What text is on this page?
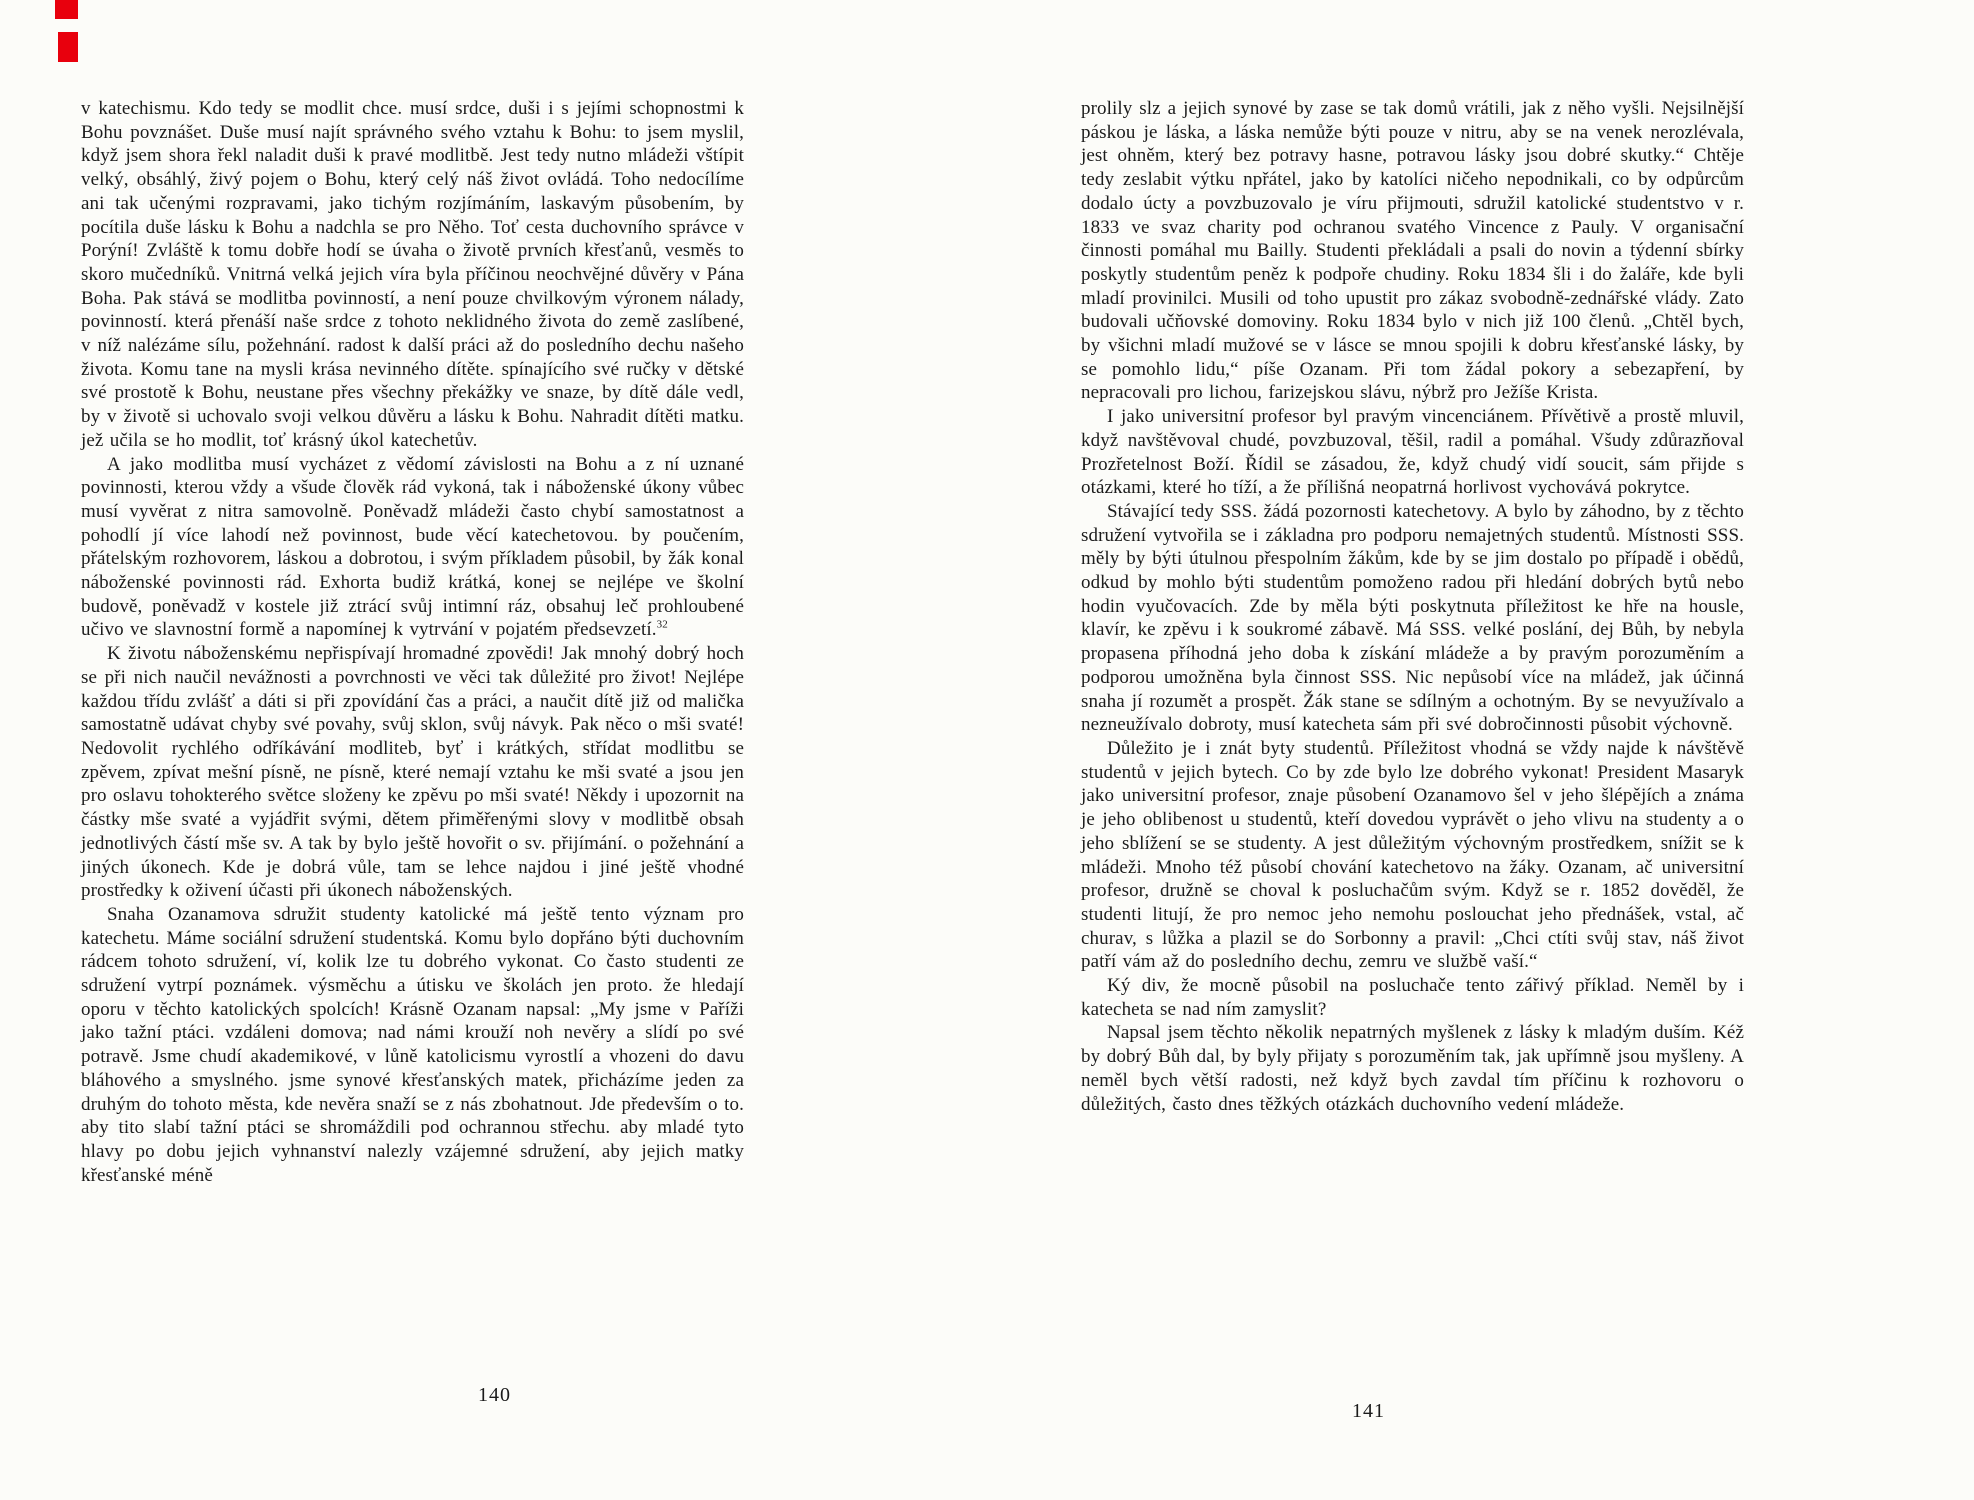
v katechismu. Kdo tedy se modlit chce. musí srdce, duši i s jejími schopnostmi k Bohu povznášet. Duše musí najít správného svého vztahu k Bohu: to jsem myslil, když jsem shora řekl naladit duši k pravé modlitbě. Jest tedy nutno mládeži vštípit velký, obsáhlý, živý pojem o Bohu, který celý náš život ovládá. Toho nedocílíme ani tak učenými rozpravami, jako tichým rozjímáním, laskavým působením, by pocítila duše lásku k Bohu a nadchla se pro Něho. Toť cesta duchovního správce v Porýní! Zvláště k tomu dobře hodí se úvaha o životě prvních křesťanů, vesměs to skoro mučedníků. Vnitrná velká jejich víra byla příčinou neochvějné důvěry v Pána Boha. Pak stává se modlitba povinností, a není pouze chvilkovým výronem nálady, povinností. která přenáší naše srdce z tohoto neklidného života do země zaslíbené, v níž nalézáme sílu, požehnání. radost k další práci až do posledního dechu našeho života. Komu tane na mysli krása nevinného dítěte. spínajícího své ručky v dětské své prostotě k Bohu, neustane přes všechny překážky ve snaze, by dítě dále vedl, by v životě si uchovalo svoji velkou důvěru a lásku k Bohu. Nahradit dítěti matku. jež učila se ho modlit, toť krásný úkol katechetův.

A jako modlitba musí vycházet z vědomí závislosti na Bohu a z ní uznané povinnosti, kterou vždy a všude člověk rád vykoná, tak i náboženské úkony vůbec musí vyvěrat z nitra samovolně. Poněvadž mládeži často chybí samostatnost a pohodlí jí více lahodí než povinnost, bude věcí katechetovou. by poučením, přátelským rozhovorem, láskou a dobrotou, i svým příkladem působil, by žák konal náboženské povinnosti rád. Exhorta budiž krátká, konej se nejlépe ve školní budově, poněvadž v kostele již ztrácí svůj intimní ráz, obsahuj leč prohloubené učivo ve slavnostní formě a napomínej k vytrvání v pojatém předsevzetí.$^{32}$

K životu náboženskému nepřispívají hromadné zpovědi! Jak mnohý dobrý hoch se při nich naučil nevážnosti a povrchnosti ve věci tak důležité pro život! Nejlépe každou třídu zvlášť a dáti si při zpovídání čas a práci, a naučit dítě již od malička samostatně udávat chyby své povahy, svůj sklon, svůj návyk. Pak něco o mši svaté! Nedovolit rychlého odříkávání modliteb, byť i krátkých, střídat modlitbu se zpěvem, zpívat mešní písně, ne písně, které nemají vztahu ke mši svaté a jsou jen pro oslavu tohokterého světce složeny ke zpěvu po mši svaté! Někdy i upozornit na částky mše svaté a vyjádřit svými, dětem přiměřenými slovy v modlitbě obsah jednotlivých částí mše sv. A tak by bylo ještě hovořit o sv. přijímání. o požehnání a jiných úkonech. Kde je dobrá vůle, tam se lehce najdou i jiné ještě vhodné prostředky k oživení účasti při úkonech náboženských.

Snaha Ozanamova sdružit studenty katolické má ještě tento význam pro katechetu. Máme sociální sdružení studentská. Komu bylo dopřáno býti duchovním rádcem tohoto sdružení, ví, kolik lze tu dobrého vykonat. Co často studenti ze sdružení vytrpí poznámek. výsměchu a útisku ve školách jen proto. že hledají oporu v těchto katolických spolcích! Krásně Ozanam napsal: „My jsme v Paříži jako tažní ptáci. vzdáleni domova; nad námi krouží noh nevěry a slídí po své potravě. Jsme chudí akademikové, v lůně katolicismu vyrostlí a vhozeni do davu bláhového a smyslného. jsme synové křesťanských matek, přicházíme jeden za druhým do tohoto města, kde nevěra snaží se z nás zbohatnout. Jde především o to. aby tito slabí tažní ptáci se shromáždili pod ochrannou střechu. aby mladé tyto hlavy po dobu jejich vyhnanství nalezly vzájemné sdružení, aby jejich matky křesťanské méně

140

prolily slz a jejich synové by zase se tak domů vrátili, jak z něho vyšli. Nejsilnější páskou je láska, a láska nemůže býti pouze v nitru, aby se na venek nerozlévala, jest ohněm, který bez potravy hasne, potravou lásky jsou dobré skutky.“ Chtěje tedy zeslabit výtku npřátel, jako by katolíci ničeho nepodnikali, co by odpůrcům dodalo úcty a povzbuzovalo je víru přijmouti, sdružil katolické studentstvo v r. 1833 ve svaz charity pod ochranou svatého Vincence z Pauly. V organisační činnosti pomáhal mu Bailly. Studenti překládali a psali do novin a týdenní sbírky poskytly studentům peněz k podpoře chudiny. Roku 1834 šli i do žaláře, kde byli mladí provinilci. Musili od toho upustit pro zákaz svobodně-zednářské vlády. Zato budovali učňovské domoviny. Roku 1834 bylo v nich již 100 členů. „Chtěl bych, by všichni mladí mužové se v lásce se mnou spojili k dobru křesťanské lásky, by se pomohlo lidu,“ píše Ozanam. Při tom žádal pokory a sebezapření, by nepracovali pro lichou, farizejskou slávu, nýbrž pro Ježíše Krista.

I jako universitní profesor byl pravým vincenciánem. Přívětivě a prostě mluvil, když navštěvoval chudé, povzbuzoval, těšil, radil a pomáhal. Všudy zdůrazňoval Prozřetelnost Boží. Řídil se zásadou, že, když chudý vidí soucit, sám přijde s otázkami, které ho tíží, a že přílišná neopatrná horlivost vychovává pokrytce.

Stávající tedy SSS. žádá pozornosti katechetovy. A bylo by záhodno, by z těchto sdružení vytvořila se i základna pro podporu nemajetných studentů. Místnosti SSS. měly by býti útulnou přespolním žákům, kde by se jim dostalo po případě i obědů, odkud by mohlo býti studentům pomoženo radou při hledání dobrých bytů nebo hodin vyučovacích. Zde by měla býti poskytnuta příležitost ke hře na housle, klavír, ke zpěvu i k soukromé zábavě. Má SSS. velké poslání, dej Bůh, by nebyla propasena příhodná jeho doba k získání mládeže a by pravým porozuměním a podporou umožněna byla činnost SSS. Nic nepůsobí více na mládež, jak účinná snaha jí rozumět a prospět. Žák stane se sdílným a ochotným. By se nevyužívalo a nezneužívalo dobroty, musí katecheta sám při své dobročinnosti působit výchovně.

Důležito je i znát byty studentů. Příležitost vhodná se vždy najde k návštěvě studentů v jejich bytech. Co by zde bylo lze dobrého vykonat! President Masaryk jako universitní profesor, znaje působení Ozanamovo šel v jeho šlépějích a známa je jeho oblibenost u studentů, kteří dovedou vyprávět o jeho vlivu na studenty a o jeho sblížení se se studenty. A jest důležitým výchovným prostředkem, snížit se k mládeži. Mnoho též působí chování katechetovo na žáky. Ozanam, ač universitní profesor, družně se choval k posluchačům svým. Když se r. 1852 dověděl, že studenti litují, že pro nemoc jeho nemohu poslouchat jeho přednášek, vstal, ač churav, s lůžka a plazil se do Sorbonny a pravil: „Chci ctíti svůj stav, náš život patří vám až do posledního dechu, zemru ve službě vaší.“

Ký div, že mocně působil na posluchače tento zářivý příklad. Neměl by i katecheta se nad ním zamyslit?

Napsal jsem těchto několik nepatrných myšlenek z lásky k mladým duším. Kéž by dobrý Bůh dal, by byly přijaty s porozuměním tak, jak upřímně jsou myšleny. A neměl bych větší radosti, než když bych zavdal tím příčinu k rozhovoru o důležitých, často dnes těžkých otázkách duchovního vedení mládeže.

141
